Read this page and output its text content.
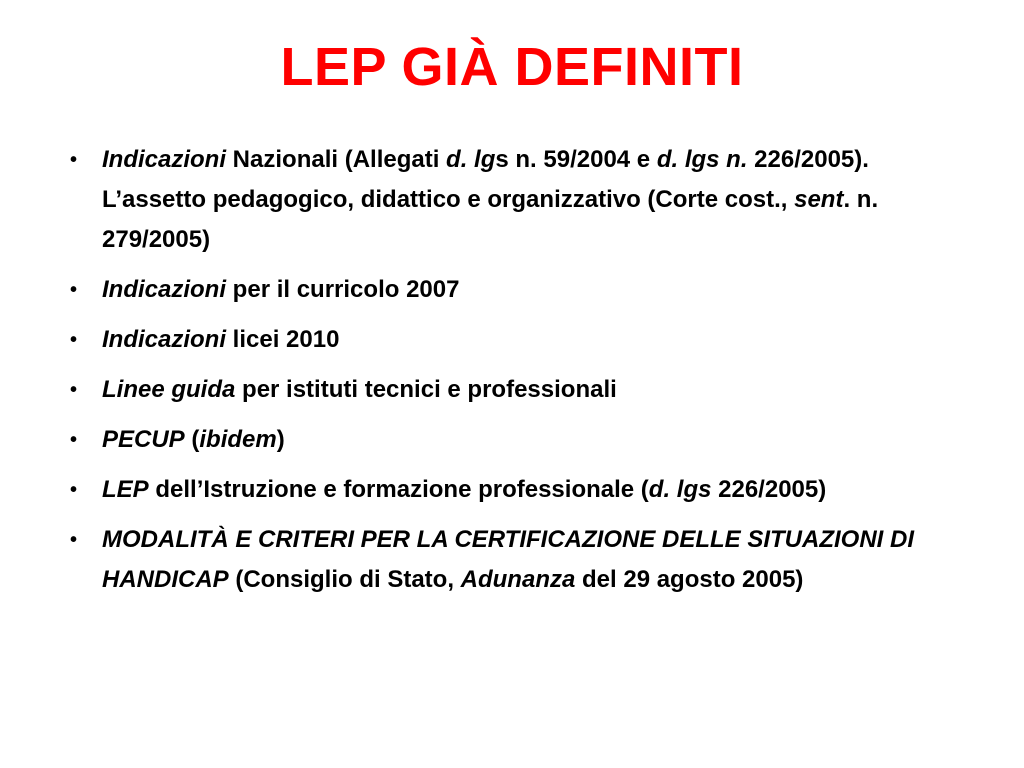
LEP GIÀ DEFINITI
• Indicazioni Nazionali (Allegati d. lgs n. 59/2004 e d. lgs n. 226/2005). L’assetto pedagogico, didattico e organizzativo (Corte cost., sent. n. 279/2005)
• Indicazioni per il curricolo 2007
• Indicazioni licei 2010
• Linee guida per istituti tecnici e professionali
• PECUP (ibidem)
• LEP dell’Istruzione e formazione professionale (d. lgs 226/2005)
• MODALITÀ E CRITERI PER LA CERTIFICAZIONE DELLE SITUAZIONI DI HANDICAP (Consiglio di Stato, Adunanza del 29 agosto 2005)
